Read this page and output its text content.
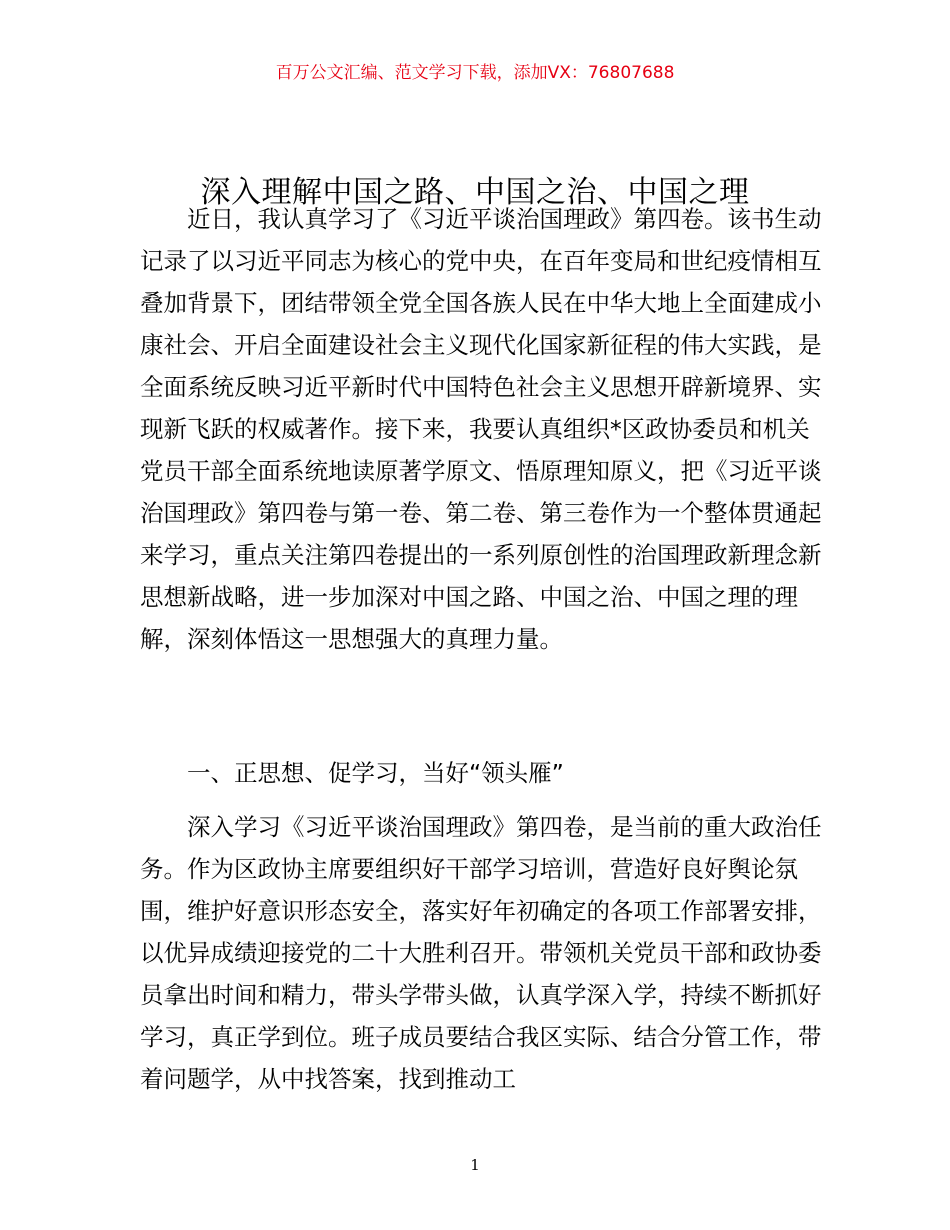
百万公文汇编、范文学习下载，添加VX：76807688
深入理解中国之路、中国之治、中国之理

近日，我认真学习了《习近平谈治国理政》第四卷。该书生动记录了以习近平同志为核心的党中央，在百年变局和世纪疫情相互叠加背景下，团结带领全党全国各族人民在中华大地上全面建成小康社会、开启全面建设社会主义现代化国家新征程的伟大实践，是全面系统反映习近平新时代中国特色社会主义思想开辟新境界、实现新飞跃的权威著作。接下来，我要认真组织*区政协委员和机关党员干部全面系统地读原著学原文、悟原理知原义，把《习近平谈治国理政》第四卷与第一卷、第二卷、第三卷作为一个整体贯通起来学习，重点关注第四卷提出的一系列原创性的治国理政新理念新思想新战略，进一步加深对中国之路、中国之治、中国之理的理解，深刻体悟这一思想强大的真理力量。

一、正思想、促学习，当好“领头雁”

深入学习《习近平谈治国理政》第四卷，是当前的重大政治任务。作为区政协主席要组织好干部学习培训，营造好良好舆论氛围，维护好意识形态安全，落实好年初确定的各项工作部署安排，以优异成绩迎接党的二十大胜利召开。带领机关党员干部和政协委员拿出时间和精力，带头学带头做，认真学深入学，持续不断抓好学习，真正学到位。班子成员要结合我区实际、结合分管工作，带着问题学，从中找答案，找到推动工

1
